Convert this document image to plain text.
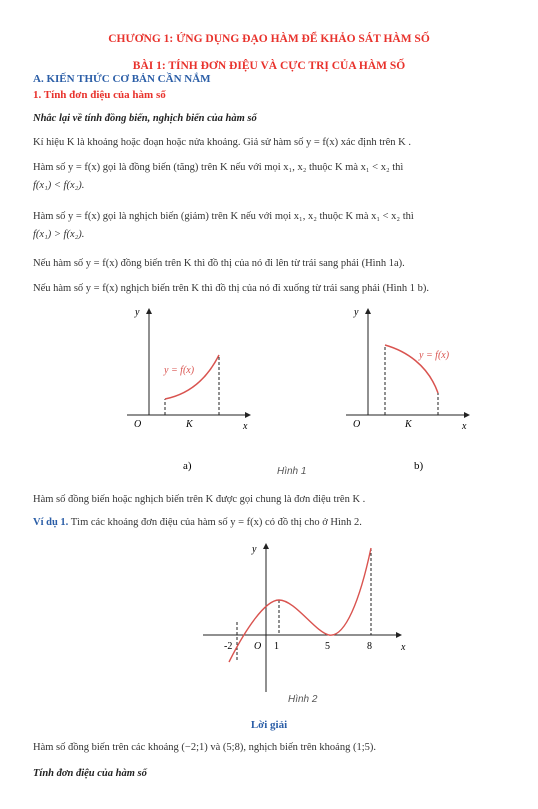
CHƯƠNG 1: ỨNG DỤNG ĐẠO HÀM ĐỂ KHẢO SÁT HÀM SỐ
BÀI 1: TÍNH ĐƠN ĐIỆU VÀ CỰC TRỊ CỦA HÀM SỐ
A. KIẾN THỨC CƠ BẢN CẦN NẮM
1. Tính đơn điệu của hàm số
Nhắc lại về tính đồng biến, nghịch biến của hàm số
Kí hiệu K là khoảng hoặc đoạn hoặc nửa khoảng. Giả sử hàm số y = f(x) xác định trên K .
Hàm số y = f(x) gọi là đồng biến (tăng) trên K nếu với mọi x₁, x₂ thuộc K mà x₁ < x₂ thì
f(x₁) < f(x₂).
Hàm số y = f(x) gọi là nghịch biến (giảm) trên K nếu với mọi x₁, x₂ thuộc K mà x₁ < x₂ thì
f(x₁) > f(x₂).
Nếu hàm số y = f(x) đồng biến trên K thì đồ thị của nó đi lên từ trái sang phải (Hình 1a).
Nếu hàm số y = f(x) nghịch biến trên K thì đồ thị của nó đi xuống từ trái sang phải (Hình 1 b).
y
x
O	K
y = f(x)
a)
y
x
O	K
y = f(x)
b)
Hình 1
Hàm số đồng biến hoặc nghịch biến trên K được gọi chung là đơn điệu trên K .
Ví dụ 1. Tìm các khoảng đơn điệu của hàm số y = f(x) có đồ thị cho ở Hình 2.
y
x
O
-2	1	5	8
Hình 2
Lời giải
Hàm số đồng biến trên các khoảng (−2;1) và (5;8), nghịch biến trên khoảng (1;5).
Tính đơn điệu của hàm số
